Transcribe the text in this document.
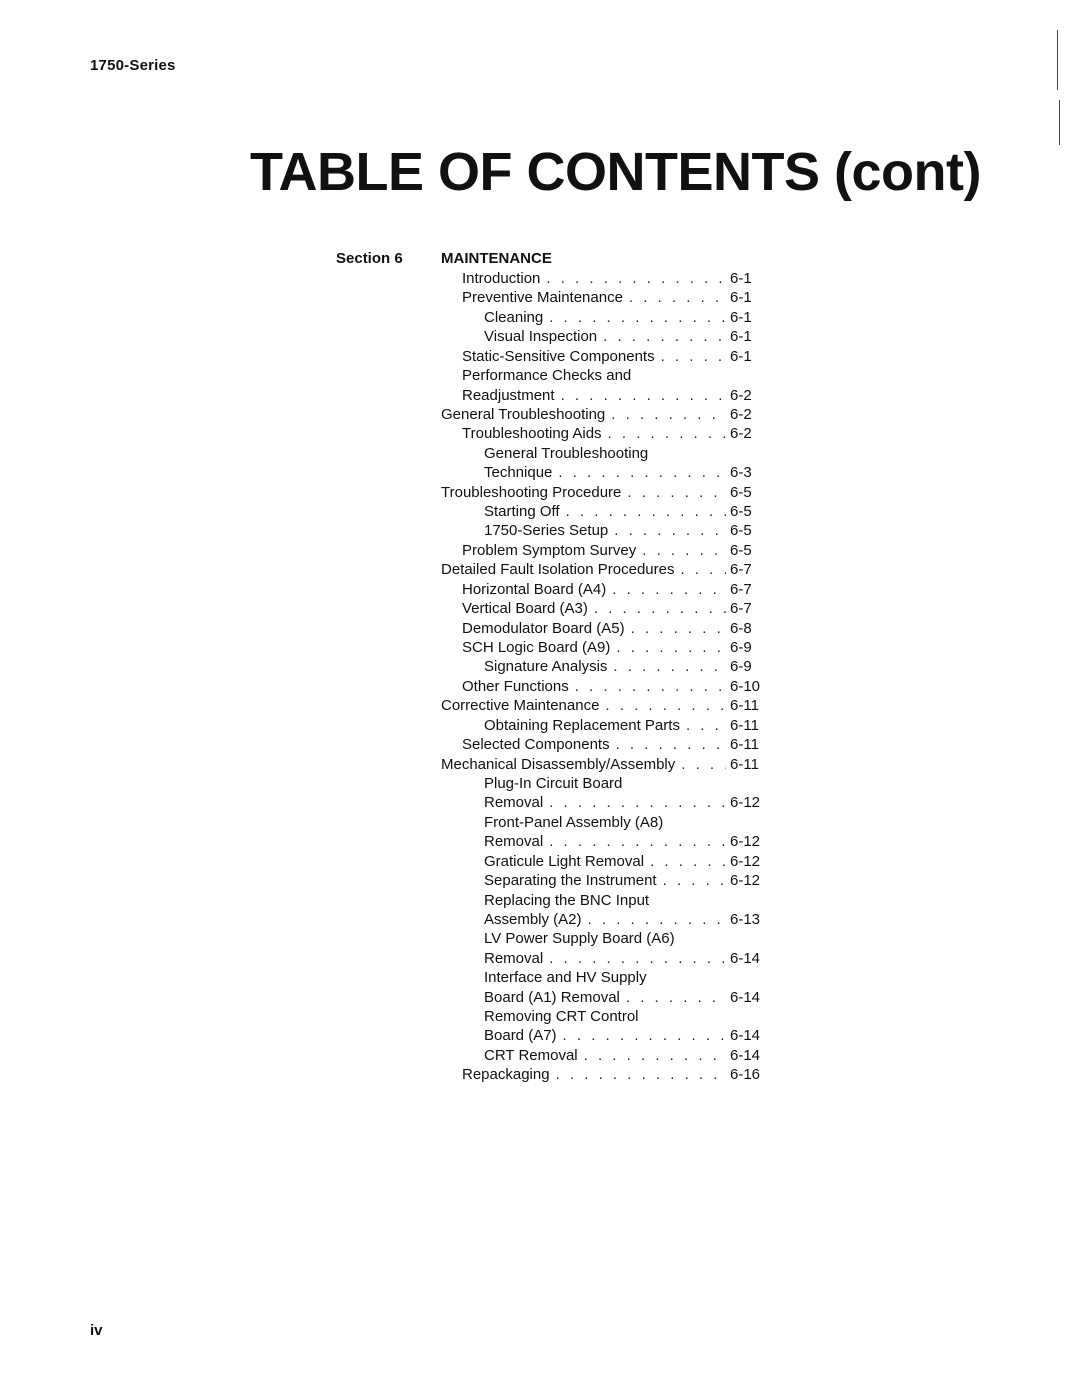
1750-Series
TABLE OF CONTENTS (cont)
Section 6	MAINTENANCE
Introduction . . .	6-1
Preventive Maintenance . . .	6-1
Cleaning . . .	6-1
Visual Inspection . . .	6-1
Static-Sensitive Components . . .	6-1
Performance Checks and
Readjustment . . .	6-2
General Troubleshooting . . .	6-2
Troubleshooting Aids . . .	6-2
General Troubleshooting
Technique . . .	6-3
Troubleshooting Procedure . . .	6-5
Starting Off . . .	6-5
1750-Series Setup . . .	6-5
Problem Symptom Survey . . .	6-5
Detailed Fault Isolation Procedures . . .	6-7
Horizontal Board (A4) . . .	6-7
Vertical Board (A3) . . .	6-7
Demodulator Board (A5) . . .	6-8
SCH Logic Board (A9) . . .	6-9
Signature Analysis . . .	6-9
Other Functions . . .	6-10
Corrective Maintenance . . .	6-11
Obtaining Replacement Parts . . .	6-11
Selected Components . . .	6-11
Mechanical Disassembly/Assembly . . .	6-11
Plug-In Circuit Board
Removal . . .	6-12
Front-Panel Assembly (A8)
Removal . . .	6-12
Graticule Light Removal . . .	6-12
Separating the Instrument . . .	6-12
Replacing the BNC Input
Assembly (A2) . . .	6-13
LV Power Supply Board (A6)
Removal . . .	6-14
Interface and HV Supply
Board (A1) Removal . . .	6-14
Removing CRT Control
Board (A7) . . .	6-14
CRT Removal . . .	6-14
Repackaging . . .	6-16
iv
